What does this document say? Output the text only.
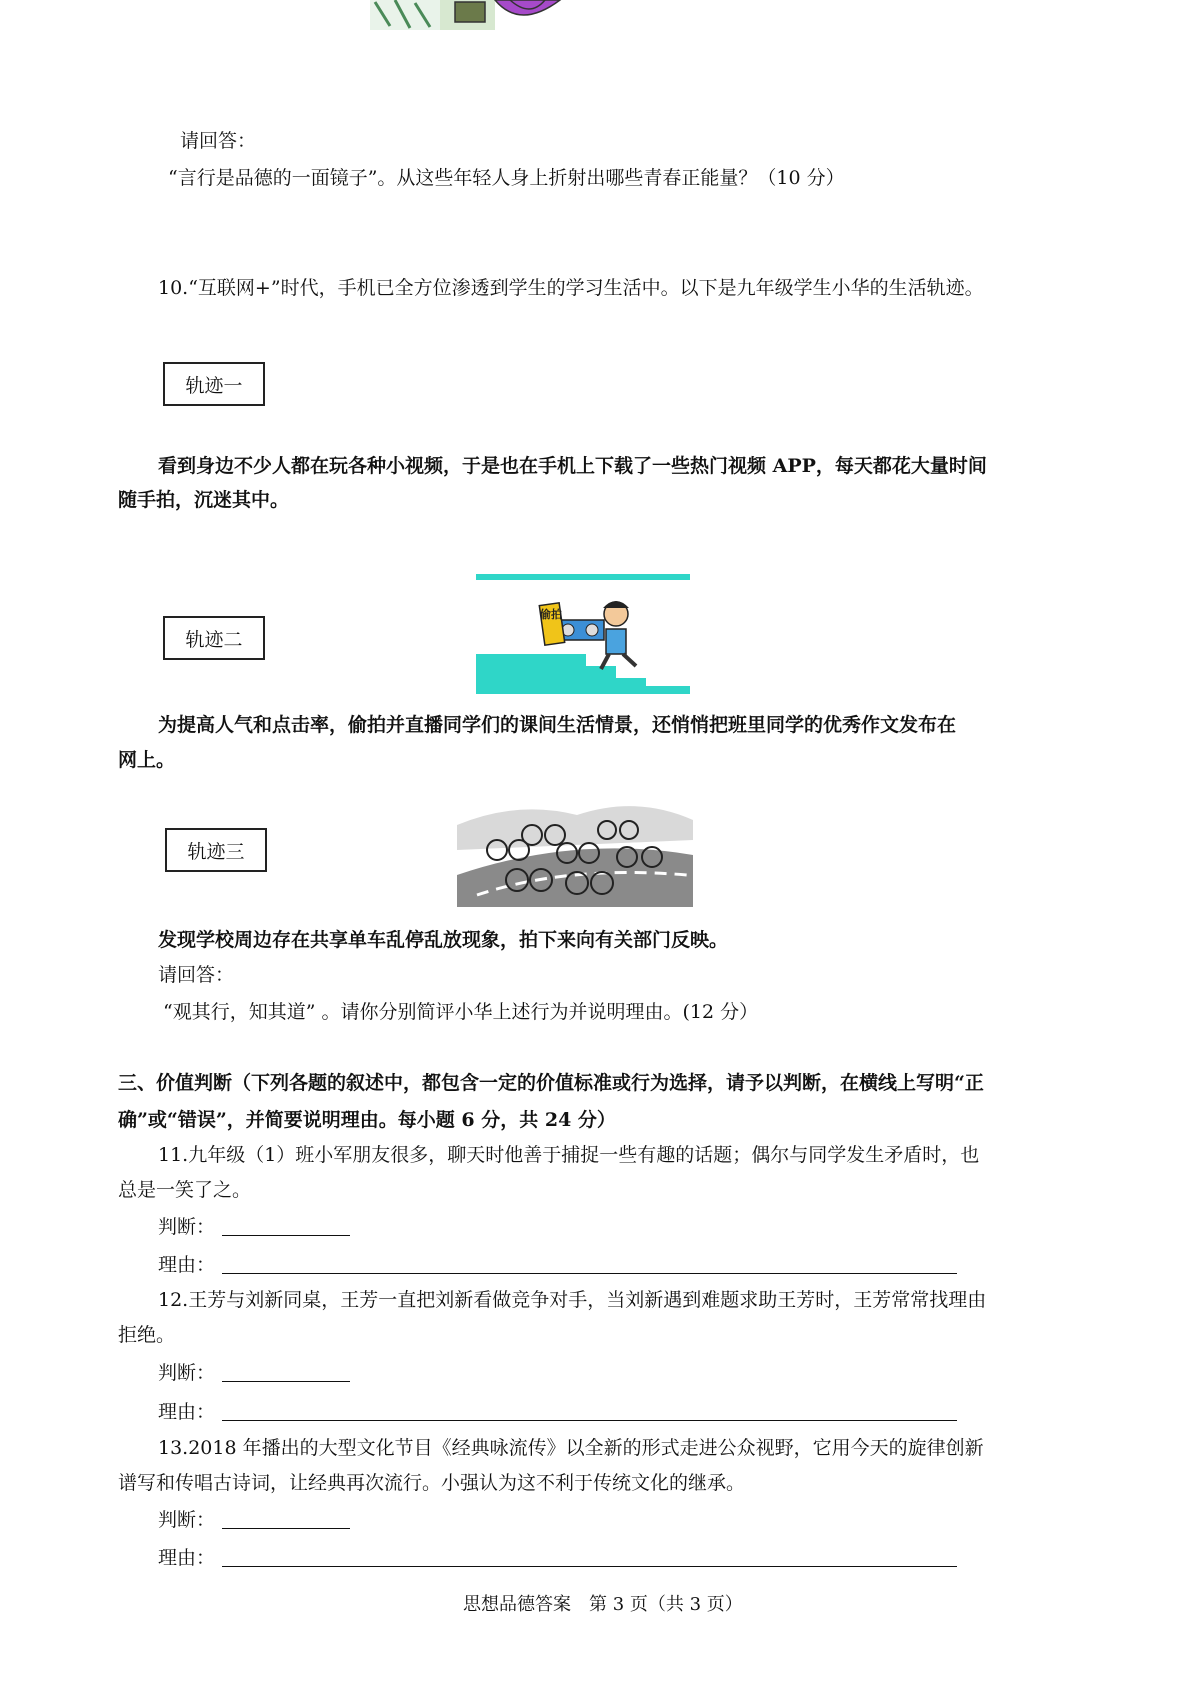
请回答：
“言行是品德的一面镜子”。从这些年轻人身上折射出哪些青春正能量？（10 分）
10.“互联网+”时代，手机已全方位渗透到学生的学习生活中。以下是九年级学生小华的生活轨迹。
轨迹一
看到身边不少人都在玩各种小视频，于是也在手机上下载了一些热门视频 APP，每天都花大量时间
随手拍，沉迷其中。
偷拍
轨迹二
为提高人气和点击率，偷拍并直播同学们的课间生活情景，还悄悄把班里同学的优秀作文发布在
网上。
轨迹三
发现学校周边存在共享单车乱停乱放现象，拍下来向有关部门反映。
请回答：
“观其行，知其道” 。请你分别简评小华上述行为并说明理由。(12 分）
三、价值判断（下列各题的叙述中，都包含一定的价值标准或行为选择，请予以判断，在横线上写明“正
确”或“错误”，并简要说明理由。每小题 6 分，共 24 分）
11.九年级（1）班小军朋友很多，聊天时他善于捕捉一些有趣的话题；偶尔与同学发生矛盾时，也
总是一笑了之。
判断：
理由：
12.王芳与刘新同桌，王芳一直把刘新看做竞争对手，当刘新遇到难题求助王芳时，王芳常常找理由
拒绝。
判断：
理由：
13.2018 年播出的大型文化节目《经典咏流传》以全新的形式走进公众视野，它用今天的旋律创新
谱写和传唱古诗词，让经典再次流行。小强认为这不利于传统文化的继承。
判断：
理由：
思想品德答案　第 3 页（共 3 页）
